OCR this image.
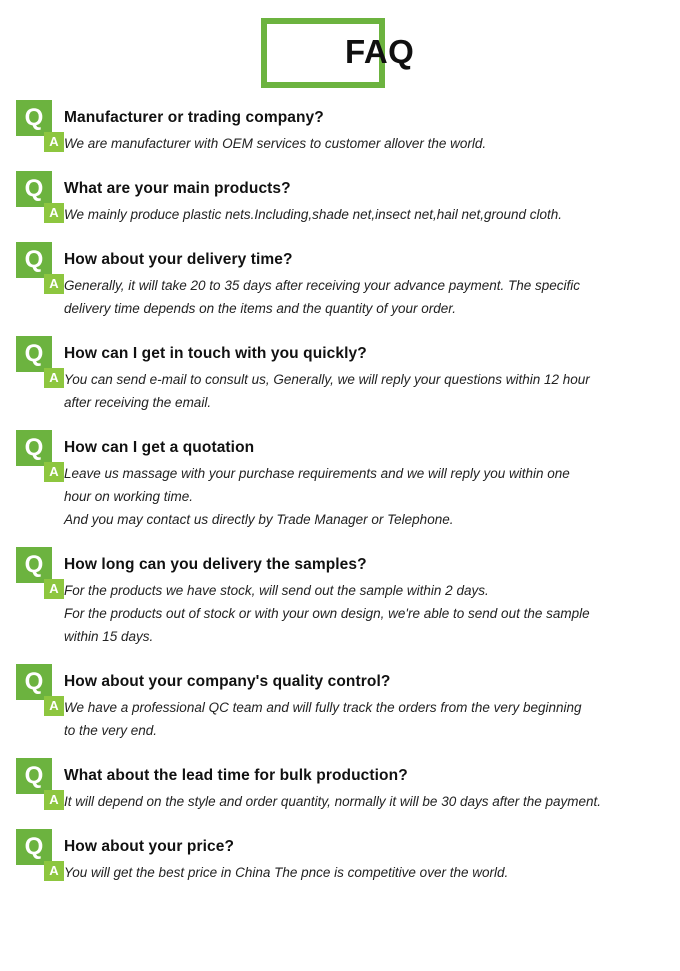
FAQ
Q
A
Manufacturer or trading company?
We are manufacturer with OEM services to customer allover the world.
Q
A
What are your main products?
We mainly produce plastic nets.Including,shade net,insect net,hail net,ground cloth.
Q
A
How about your delivery time?
Generally, it will take 20 to 35 days after receiving your advance payment. The specific
delivery time depends on the items and the quantity of your order.
Q
A
How can I get in touch with you quickly?
You can send e-mail to consult us, Generally, we will reply your questions within 12 hour
after receiving the email.
Q
A
How can I get a quotation
Leave us massage with your purchase requirements and we will reply you within one
hour on working time.
And you may contact us directly by Trade Manager or Telephone.
Q
A
How long can you delivery the samples?
For the products we have stock, will send out the sample within 2 days.
For the products out of stock or with your own design, we're able to send out the sample
within 15 days.
Q
A
How about your company's quality control?
We have a professional QC team and will fully track the orders from the very beginning
to the very end.
Q
A
What about the lead time for bulk production?
It will depend on the style and order quantity, normally it will be 30 days after the payment.
Q
A
How about your price?
You will get the best price in China The pnce is competitive over the world.
